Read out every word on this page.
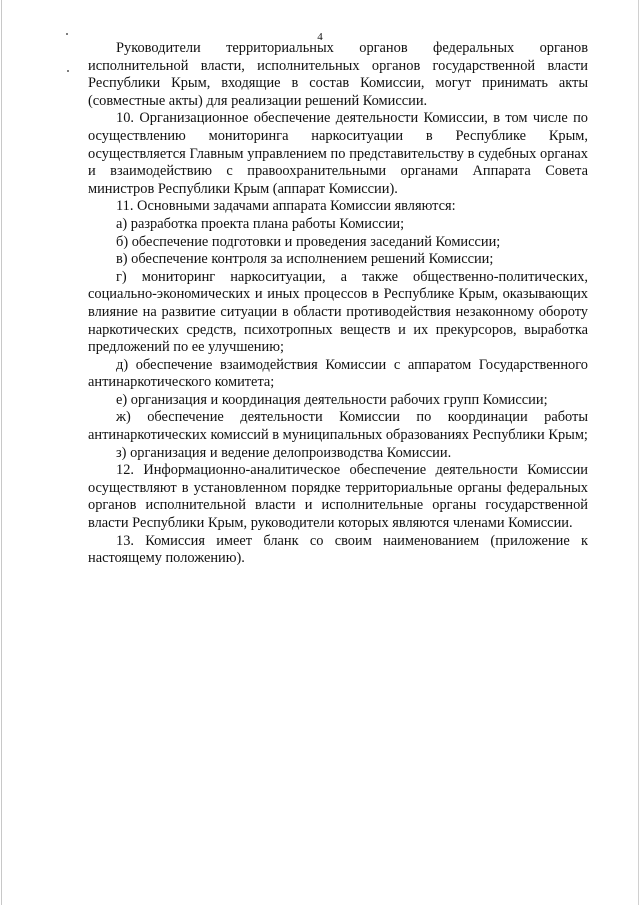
4

Руководители территориальных органов федеральных органов исполнительной власти, исполнительных органов государственной власти Республики Крым, входящие в состав Комиссии, могут принимать акты (совместные акты) для реализации решений Комиссии.

10. Организационное обеспечение деятельности Комиссии, в том числе по осуществлению мониторинга наркоситуации в Республике Крым, осуществляется Главным управлением по представительству в судебных органах и взаимодействию с правоохранительными органами Аппарата Совета министров Республики Крым (аппарат Комиссии).

11. Основными задачами аппарата Комиссии являются:

а) разработка проекта плана работы Комиссии;

б) обеспечение подготовки и проведения заседаний Комиссии;

в) обеспечение контроля за исполнением решений Комиссии;

г) мониторинг наркоситуации, а также общественно-политических, социально-экономических и иных процессов в Республике Крым, оказывающих влияние на развитие ситуации в области противодействия незаконному обороту наркотических средств, психотропных веществ и их прекурсоров, выработка предложений по ее улучшению;

д) обеспечение взаимодействия Комиссии с аппаратом Государственного антинаркотического комитета;

е) организация и координация деятельности рабочих групп Комиссии;

ж) обеспечение деятельности Комиссии по координации работы антинаркотических комиссий в муниципальных образованиях Республики Крым;

з) организация и ведение делопроизводства Комиссии.

12. Информационно-аналитическое обеспечение деятельности Комиссии осуществляют в установленном порядке территориальные органы федеральных органов исполнительной власти и исполнительные органы государственной власти Республики Крым, руководители которых являются членами Комиссии.

13. Комиссия имеет бланк со своим наименованием (приложение к настоящему положению).
